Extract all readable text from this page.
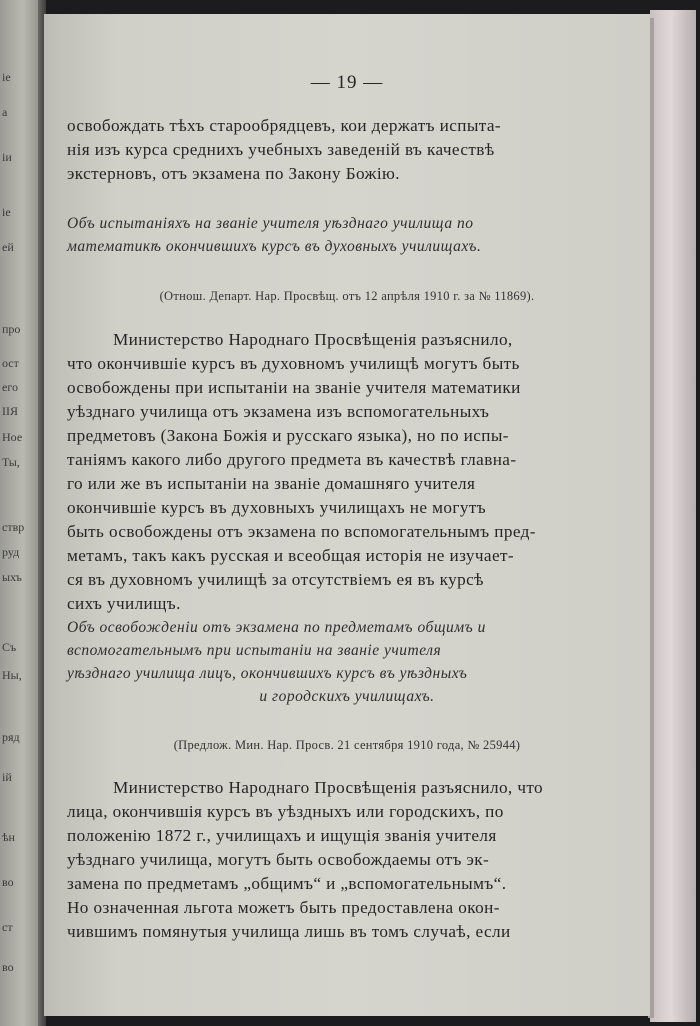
ie
а
iи
ie
ей
про
ост
его
ІІЯ
Ное
Ты,
ствр
руд
ыхъ
Съ
Ны,
ряд
ій
ѣн
во
ст
во
— 19 —
освобождать тѣхъ старообрядцевъ, кои держатъ испыта-
нія изъ курса среднихъ учебныхъ заведеній въ качествѣ
экстерновъ, отъ экзамена по Закону Божію.
Объ испытаніяхъ на званіе учителя уѣзднаго училища по
математикѣ окончившихъ курсъ въ духовныхъ училищахъ.
(Отнош. Департ. Нар. Просвѣщ. отъ 12 апрѣля 1910 г. за № 11869).
Министерство Народнаго Просвѣщенія разъяснило,
что окончившіе курсъ въ духовномъ училищѣ могутъ быть
освобождены при испытаніи на званіе учителя математики
уѣзднаго училища отъ экзамена изъ вспомогательныхъ
предметовъ (Закона Божія и русскаго языка), но по испы-
таніямъ какого либо другого предмета въ качествѣ главна-
го или же въ испытаніи на званіе домашняго учителя
окончившіе курсъ въ духовныхъ училищахъ не могутъ
быть освобождены отъ экзамена по вспомогательнымъ пред-
метамъ, такъ какъ русская и всеобщая исторія не изучает-
ся въ духовномъ училищѣ за отсутствіемъ ея въ курсѣ
сихъ училищъ.
Объ освобожденіи отъ экзамена по предметамъ общимъ и
вспомогательнымъ при испытаніи на званіе учителя
уѣзднаго училища лицъ, окончившихъ курсъ въ уѣздныхъ
и городскихъ училищахъ.
(Предлож. Мин. Нар. Просв. 21 сентября 1910 года, № 25944)
Министерство Народнаго Просвѣщенія разъяснило, что
лица, окончившія курсъ въ уѣздныхъ или городскихъ, по
положенію 1872 г., училищахъ и ищущія званія учителя
уѣзднаго училища, могутъ быть освобождаемы отъ эк-
замена по предметамъ „общимъ“ и „вспомогательнымъ“.
Но означенная льгота можетъ быть предоставлена окон-
чившимъ помянутыя училища лишь въ томъ случаѣ, если
